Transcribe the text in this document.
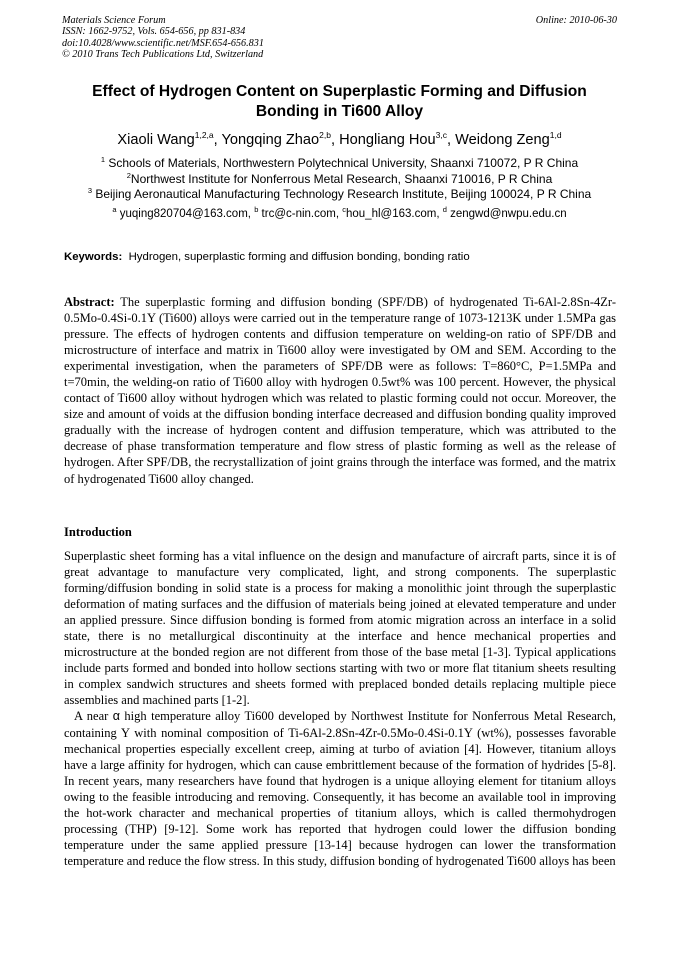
Materials Science Forum
ISSN: 1662-9752, Vols. 654-656, pp 831-834
doi:10.4028/www.scientific.net/MSF.654-656.831
© 2010 Trans Tech Publications Ltd, Switzerland
Online: 2010-06-30
Effect of Hydrogen Content on Superplastic Forming and Diffusion Bonding in Ti600 Alloy
Xiaoli Wang$^{1,2,a}$, Yongqing Zhao$^{2,b}$, Hongliang Hou$^{3,c}$, Weidong Zeng$^{1,d}$
$^1$ Schools of Materials, Northwestern Polytechnical University, Shaanxi 710072, P R China
$^2$Northwest Institute for Nonferrous Metal Research, Shaanxi 710016, P R China
$^3$ Beijing Aeronautical Manufacturing Technology Research Institute, Beijing 100024, P R China
$^a$ yuqing820704@163.com, $^b$ trc@c-nin.com, $^c$hou_hl@163.com, $^d$ zengwd@nwpu.edu.cn
Keywords:  Hydrogen, superplastic forming and diffusion bonding, bonding ratio
Abstract: The superplastic forming and diffusion bonding (SPF/DB) of hydrogenated Ti-6Al-2.8Sn-4Zr-0.5Mo-0.4Si-0.1Y (Ti600) alloys were carried out in the temperature range of 1073-1213K under 1.5MPa gas pressure. The effects of hydrogen contents and diffusion temperature on welding-on ratio of SPF/DB and microstructure of interface and matrix in Ti600 alloy were investigated by OM and SEM. According to the experimental investigation, when the parameters of SPF/DB were as follows: T=860°C, P=1.5MPa and t=70min, the welding-on ratio of Ti600 alloy with hydrogen 0.5wt% was 100 percent. However, the physical contact of Ti600 alloy without hydrogen which was related to plastic forming could not occur. Moreover, the size and amount of voids at the diffusion bonding interface decreased and diffusion bonding quality improved gradually with the increase of hydrogen content and diffusion temperature, which was attributed to the decrease of phase transformation temperature and flow stress of plastic forming as well as the release of hydrogen. After SPF/DB, the recrystallization of joint grains through the interface was formed, and the matrix of hydrogenated Ti600 alloy changed.
Introduction

Superplastic sheet forming has a vital influence on the design and manufacture of aircraft parts, since it is of great advantage to manufacture very complicated, light, and strong components. The superplastic forming/diffusion bonding in solid state is a process for making a monolithic joint through the superplastic deformation of mating surfaces and the diffusion of materials being joined at elevated temperature and under an applied pressure. Since diffusion bonding is formed from atomic migration across an interface in a solid state, there is no metallurgical discontinuity at the interface and hence mechanical properties and microstructure at the bonded region are not different from those of the base metal [1-3]. Typical applications include parts formed and bonded into hollow sections starting with two or more flat titanium sheets resulting in complex sandwich structures and sheets formed with preplaced bonded details replacing multiple piece assemblies and machined parts [1-2].

A near α high temperature alloy Ti600 developed by Northwest Institute for Nonferrous Metal Research, containing Y with nominal composition of Ti-6Al-2.8Sn-4Zr-0.5Mo-0.4Si-0.1Y (wt%), possesses favorable mechanical properties especially excellent creep, aiming at turbo of aviation [4]. However, titanium alloys have a large affinity for hydrogen, which can cause embrittlement because of the formation of hydrides [5-8]. In recent years, many researchers have found that hydrogen is a unique alloying element for titanium alloys owing to the feasible introducing and removing. Consequently, it has become an available tool in improving the hot-work character and mechanical properties of titanium alloys, which is called thermohydrogen processing (THP) [9-12]. Some work has reported that hydrogen could lower the diffusion bonding temperature under the same applied pressure [13-14] because hydrogen can lower the transformation temperature and reduce the flow stress. In this study, diffusion bonding of hydrogenated Ti600 alloys has been
